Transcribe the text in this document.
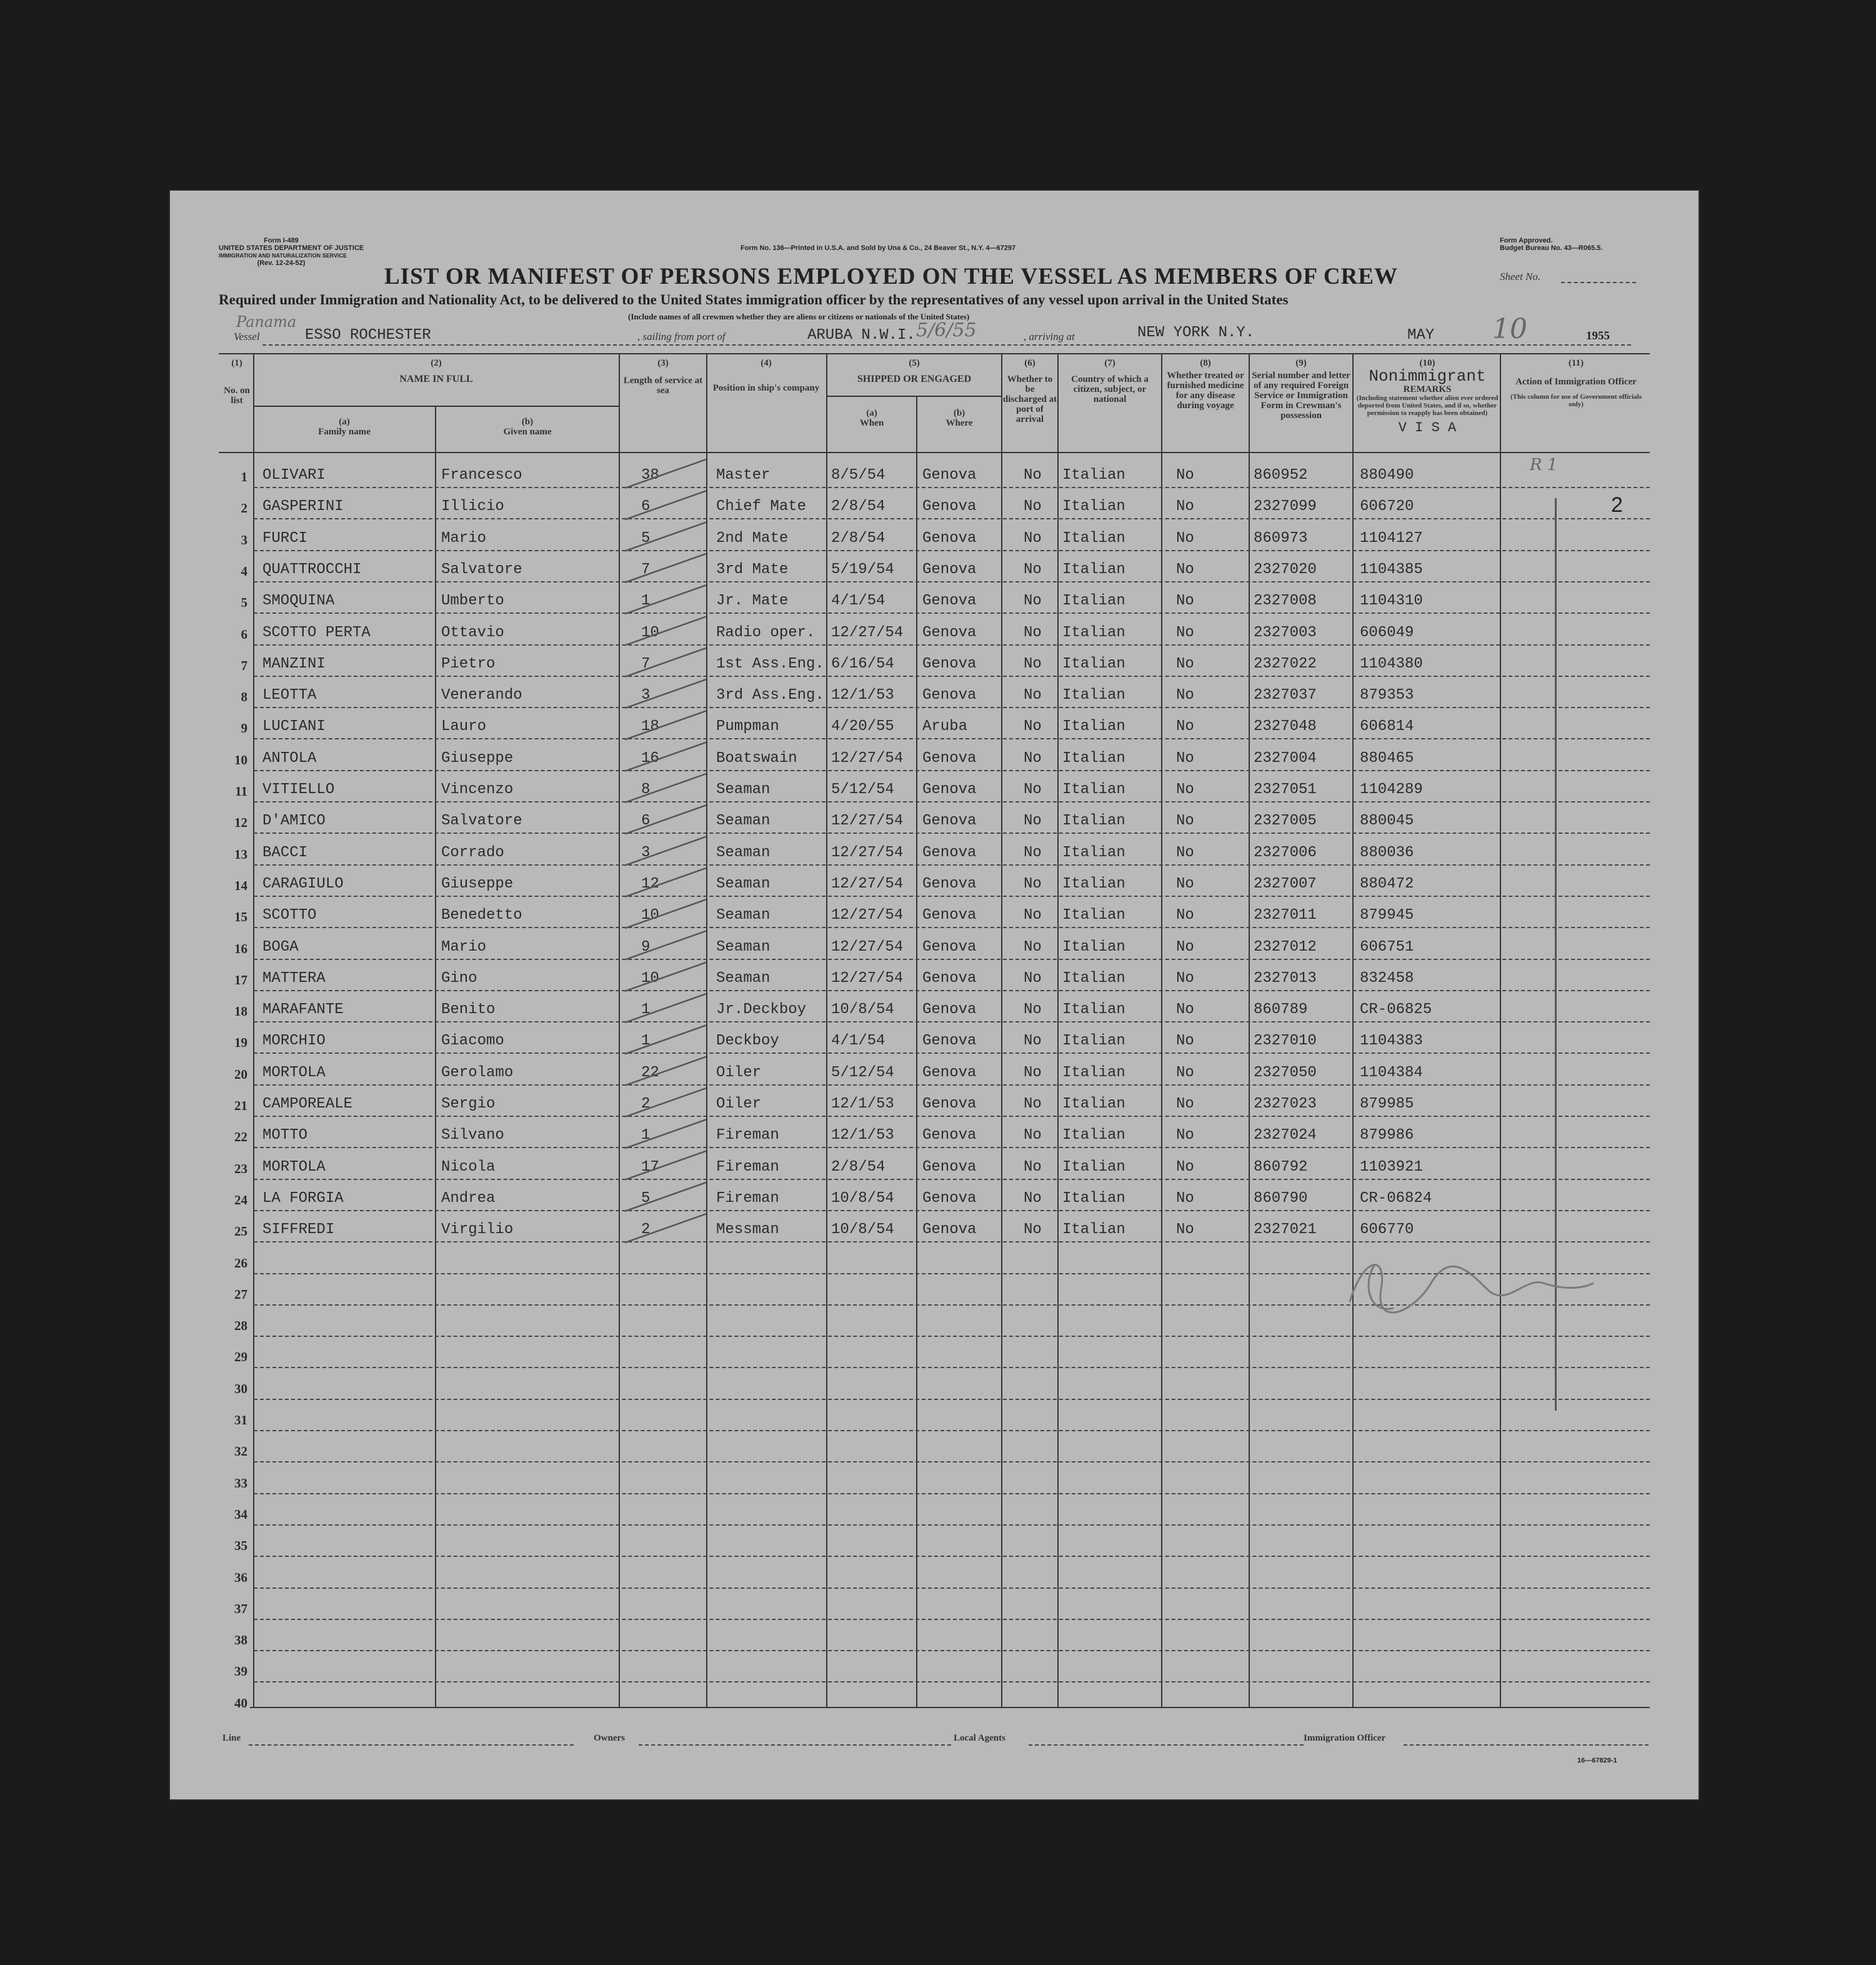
Form I-489
UNITED STATES DEPARTMENT OF JUSTICE
IMMIGRATION AND NATURALIZATION SERVICE
(Rev. 12-24-52)
Form No. 136—Printed in U.S.A. and Sold by Una & Co., 24 Beaver St., N.Y. 4—67297
Form Approved.
Budget Bureau No. 43—R065.5.
LIST OR MANIFEST OF PERSONS EMPLOYED ON THE VESSEL AS MEMBERS OF CREW	Sheet No.
Required under Immigration and Nationality Act, to be delivered to the United States immigration officer by the representatives of any vessel upon arrival in the United States
(Include names of all crewmen whether they are aliens or citizens or nationals of the United States)
Panama
Vessel	ESSO ROCHESTER	, sailing from port of	ARUBA N.W.I. 5/6/55	, arriving at	NEW YORK N.Y.	MAY 10	1955
(1)
No. on list
(2)
NAME IN FULL
(a)
Family name
(b)
Given name
(3)
Length of service at sea
(4)
Position in ship's company
(5)
SHIPPED OR ENGAGED
(a)
When
(b)
Where
(6)
Whether to be discharged at port of arrival
(7)
Country of which a citizen, subject, or national
(8)
Whether treated or furnished medicine for any disease during voyage
(9)
Serial number and letter of any required Foreign Service or Immigration Form in Crewman's possession
(10)
Nonimmigrant
REMARKS
(Including statement whether alien ever ordered deported from United States, and if so, whether permission to reapply has been obtained)
V I S A
(11)
Action of Immigration Officer
(This column for use of Government officials only)
1 OLIVARI	Francesco	38	Master	8/5/54 Genova	No Italian	No	860952	880490
2 GASPERINI	Illicio	6	Chief Mate 2/8/54 Genova	No Italian	No	2327099	606720
3 FURCI	Mario	5	2nd Mate	2/8/54 Genova	No Italian	No	860973	1104127
4 QUATTROCCHI	Salvatore	7	3rd Mate	5/19/54 Genova	No Italian	No	2327020	1104385
5 SMOQUINA	Umberto	1	Jr. Mate	4/1/54 Genova	No Italian	No	2327008	1104310
6 SCOTTO PERTA	Ottavio	10	Radio oper. 12/27/54 Genova	No Italian	No	2327003	606049
7 MANZINI	Pietro	7	1st Ass.Eng. 6/16/54 Genova	No Italian	No	2327022	1104380
8 LEOTTA	Venerando	3	3rd Ass.Eng. 12/1/53 Genova	No Italian	No	2327037	879353
9 LUCIANI	Lauro	18	Pumpman	4/20/55 Aruba	No Italian	No	2327048	606814
10 ANTOLA	Giuseppe	16	Boatswain 12/27/54 Genova	No Italian	No	2327004	880465
11 VITIELLO	Vincenzo	8	Seaman	5/12/54 Genova	No Italian	No	2327051	1104289
12 D'AMICO	Salvatore	6	Seaman	12/27/54 Genova	No Italian	No	2327005	880045
13 BACCI	Corrado	3	Seaman	12/27/54 Genova	No Italian	No	2327006	880036
14 CARAGIULO	Giuseppe	12	Seaman	12/27/54 Genova	No Italian	No	2327007	880472
15 SCOTTO	Benedetto	10	Seaman	12/27/54 Genova	No Italian	No	2327011	879945
16 BOGA	Mario	9	Seaman	12/27/54 Genova	No Italian	No	2327012	606751
17 MATTERA	Gino	10	Seaman	12/27/54 Genova	No Italian	No	2327013	832458
18 MARAFANTE	Benito	1	Jr.Deckboy 10/8/54 Genova	No Italian	No	860789	CR-06825
19 MORCHIO	Giacomo	1	Deckboy	4/1/54 Genova	No Italian	No	2327010	1104383
20 MORTOLA	Gerolamo	22	Oiler	5/12/54 Genova	No Italian	No	2327050	1104384
21 CAMPOREALE	Sergio	2	Oiler	12/1/53 Genova	No Italian	No	2327023	879985
22 MOTTO	Silvano	1	Fireman	12/1/53 Genova	No Italian	No	2327024	879986
23 MORTOLA	Nicola	17	Fireman	2/8/54 Genova	No Italian	No	860792	1103921
24 LA FORGIA	Andrea	5	Fireman	10/8/54 Genova	No Italian	No	860790	CR-06824
25 SIFFREDI	Virgilio	2	Messman	10/8/54 Genova	No Italian	No	2327021	606770
26
27
28
29
30
31
32
33
34
35
36
37
38
39
40
R 1
2
Line	Owners	Local Agents	Immigration Officer
16—67829-1
